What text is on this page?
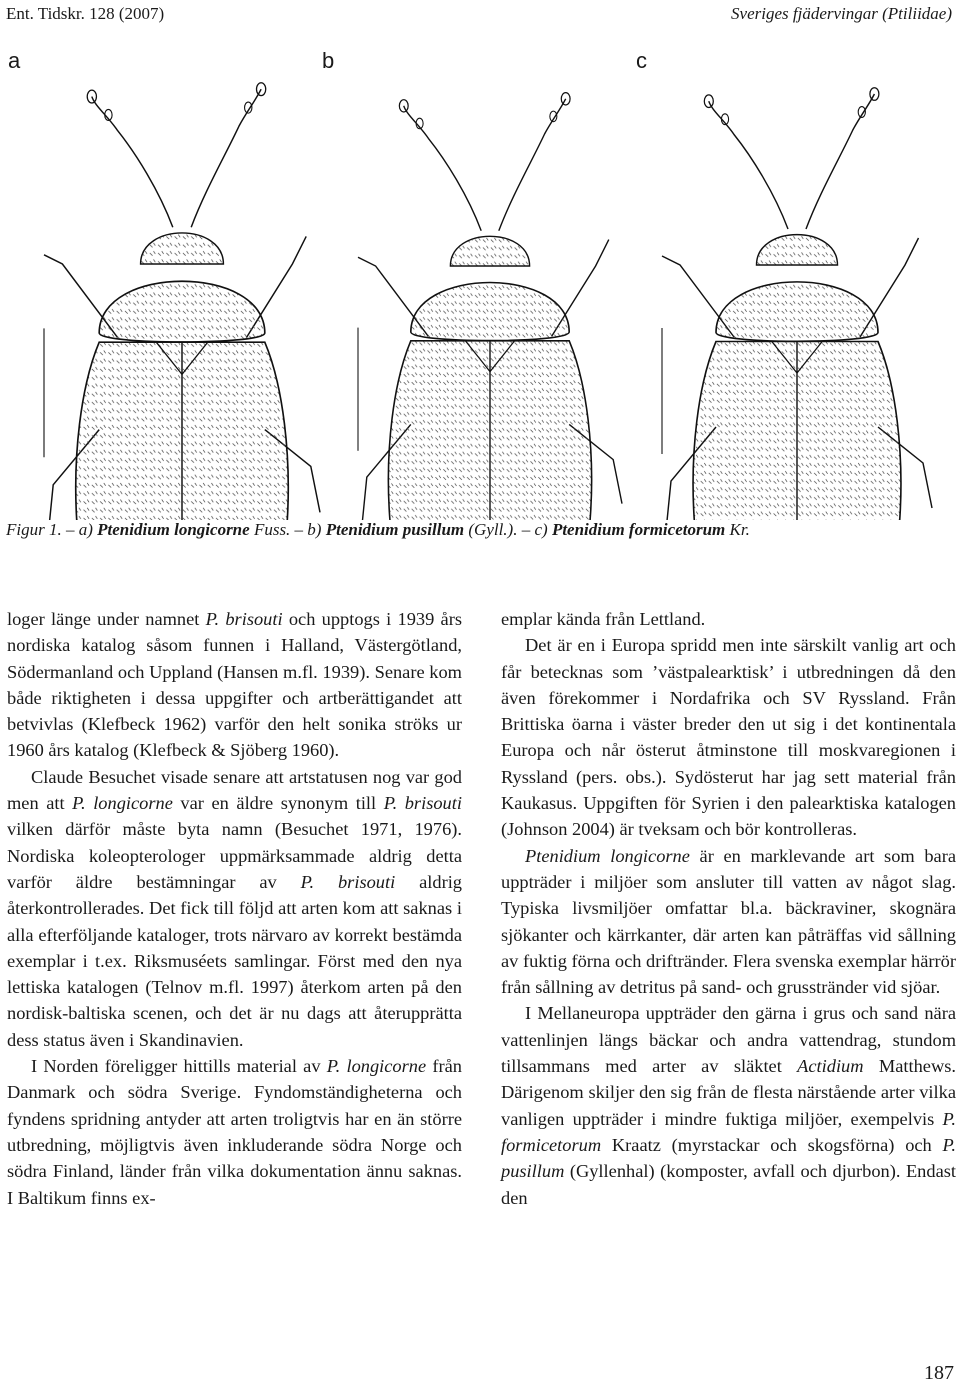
Ent. Tidskr. 128 (2007)	Sveriges fjädervingar (Ptiliidae)
a	b	c
Figur 1. – a) Ptenidium longicorne Fuss. – b) Ptenidium pusillum (Gyll.). – c) Ptenidium formicetorum Kr.

loger länge under namnet P. brisouti och upptogs i 1939 års nordiska katalog såsom funnen i Halland, Västergötland, Södermanland och Uppland (Hansen m.fl. 1939). Senare kom både riktigheten i dessa uppgifter och artberättigandet att betvivlas (Klefbeck 1962) varför den helt sonika ströks ur 1960 års katalog (Klefbeck & Sjöberg 1960).

Claude Besuchet visade senare att artstatusen nog var god men att P. longicorne var en äldre synonym till P. brisouti vilken därför måste byta namn (Besuchet 1971, 1976). Nordiska koleopterologer uppmärksammade aldrig detta varför äldre bestämningar av P. brisouti aldrig återkontrollerades. Det fick till följd att arten kom att saknas i alla efterföljande kataloger, trots närvaro av korrekt bestämda exemplar i t.ex. Riksmuséets samlingar. Först med den nya lettiska katalogen (Telnov m.fl. 1997) återkom arten på den nordisk-baltiska scenen, och det är nu dags att återupprätta dess status även i Skandinavien.

I Norden föreligger hittills material av P. longicorne från Danmark och södra Sverige. Fyndomständigheterna och fyndens spridning antyder att arten troligtvis har en än större utbredning, möjligtvis även inkluderande södra Norge och södra Finland, länder från vilka dokumentation ännu saknas. I Baltikum finns ex-

emplar kända från Lettland.

Det är en i Europa spridd men inte särskilt vanlig art och får betecknas som ’västpalearktisk’ i utbredningen då den även förekommer i Nordafrika och SV Ryssland. Från Brittiska öarna i väster breder den ut sig i det kontinentala Europa och når österut åtminstone till moskvaregionen i Ryssland (pers. obs.). Sydösterut har jag sett material från Kaukasus. Uppgiften för Syrien i den palearktiska katalogen (Johnson 2004) är tveksam och bör kontrolleras.

Ptenidium longicorne är en marklevande art som bara uppträder i miljöer som ansluter till vatten av något slag. Typiska livsmiljöer omfattar bl.a. bäckraviner, skognära sjökanter och kärrkanter, där arten kan påträffas vid sållning av fuktig förna och driftränder. Flera svenska exemplar härrör från sållning av detritus på sand- och grusstränder vid sjöar.

I Mellaneuropa uppträder den gärna i grus och sand nära vattenlinjen längs bäckar och andra vattendrag, stundom tillsammans med arter av släktet Actidium Matthews. Därigenom skiljer den sig från de flesta närstående arter vilka vanligen uppträder i mindre fuktiga miljöer, exempelvis P. formicetorum Kraatz (myrstackar och skogsförna) och P. pusillum (Gyllenhal) (komposter, avfall och djurbon). Endast den

187
